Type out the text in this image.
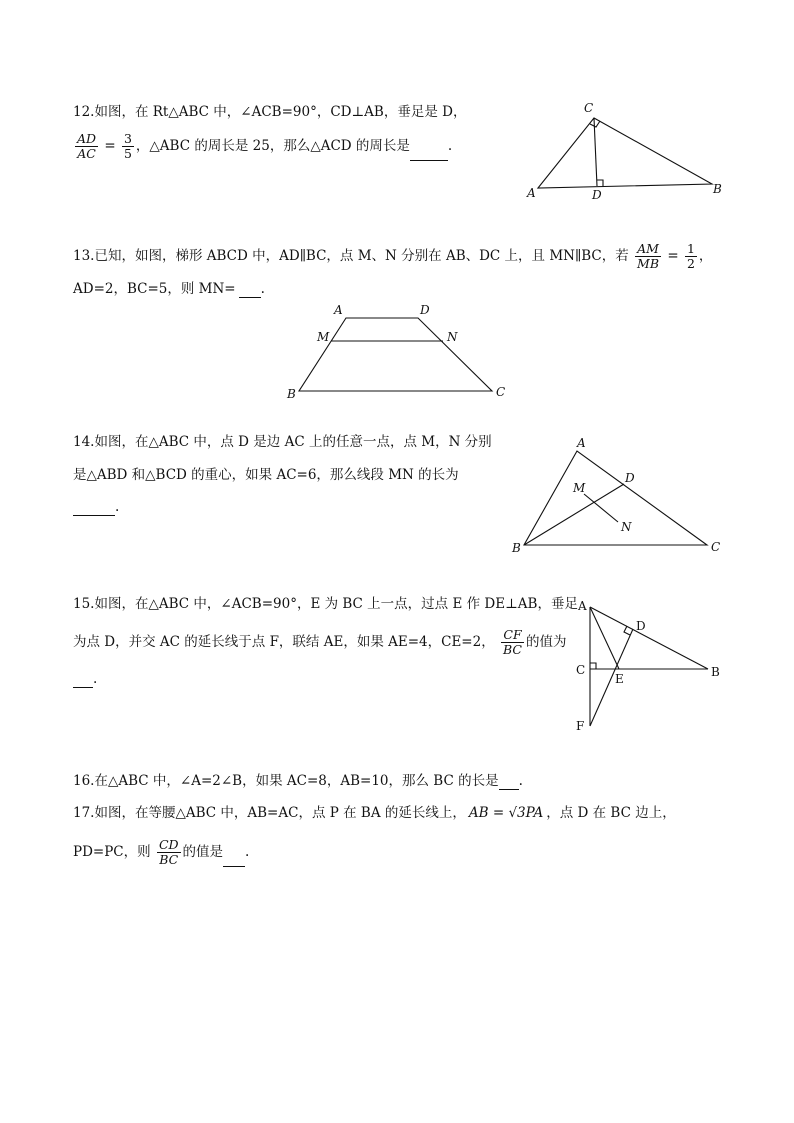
12.如图，在 Rt△ABC 中，∠ACB=90°，CD⊥AB，垂足是 D，
$\frac{AD}{AC} = \frac{3}{5}$ ，△ABC 的周长是 25，那么△ACD 的周长是	.
13.已知，如图，梯形 ABCD 中，AD∥BC，点 M、N 分别在 AB、DC 上，且 MN∥BC，若 $\frac{AM}{MB} = \frac{1}{2}$ ，
AD=2，BC=5，则 MN= .
14.如图，在△ABC 中，点 D 是边 AC 上的任意一点，点 M，N 分别
是△ABD 和△BCD 的重心，如果 AC=6，那么线段 MN 的长为
.
15.如图，在△ABC 中，∠ACB=90°，E 为 BC 上一点，过点 E 作 DE⊥AB，垂足
为点 D，并交 AC 的延长线于点 F，联结 AE，如果 AE=4，CE=2， $\frac{CF}{BC}$ 的值为
.
16.在△ABC 中，∠A=2∠B，如果 AC=8，AB=10，那么 BC 的长是 .
17.如图，在等腰△ABC 中，AB=AC，点 P 在 BA 的延长线上， AB = √3PA ，点 D 在 BC 边上，
PD=PC，则 $\frac{CD}{BC}$ 的值是 .
C
A	D	B
A	D
M	N
B	C
A
D
M
N
B	C
A
D
C
E	B
F
